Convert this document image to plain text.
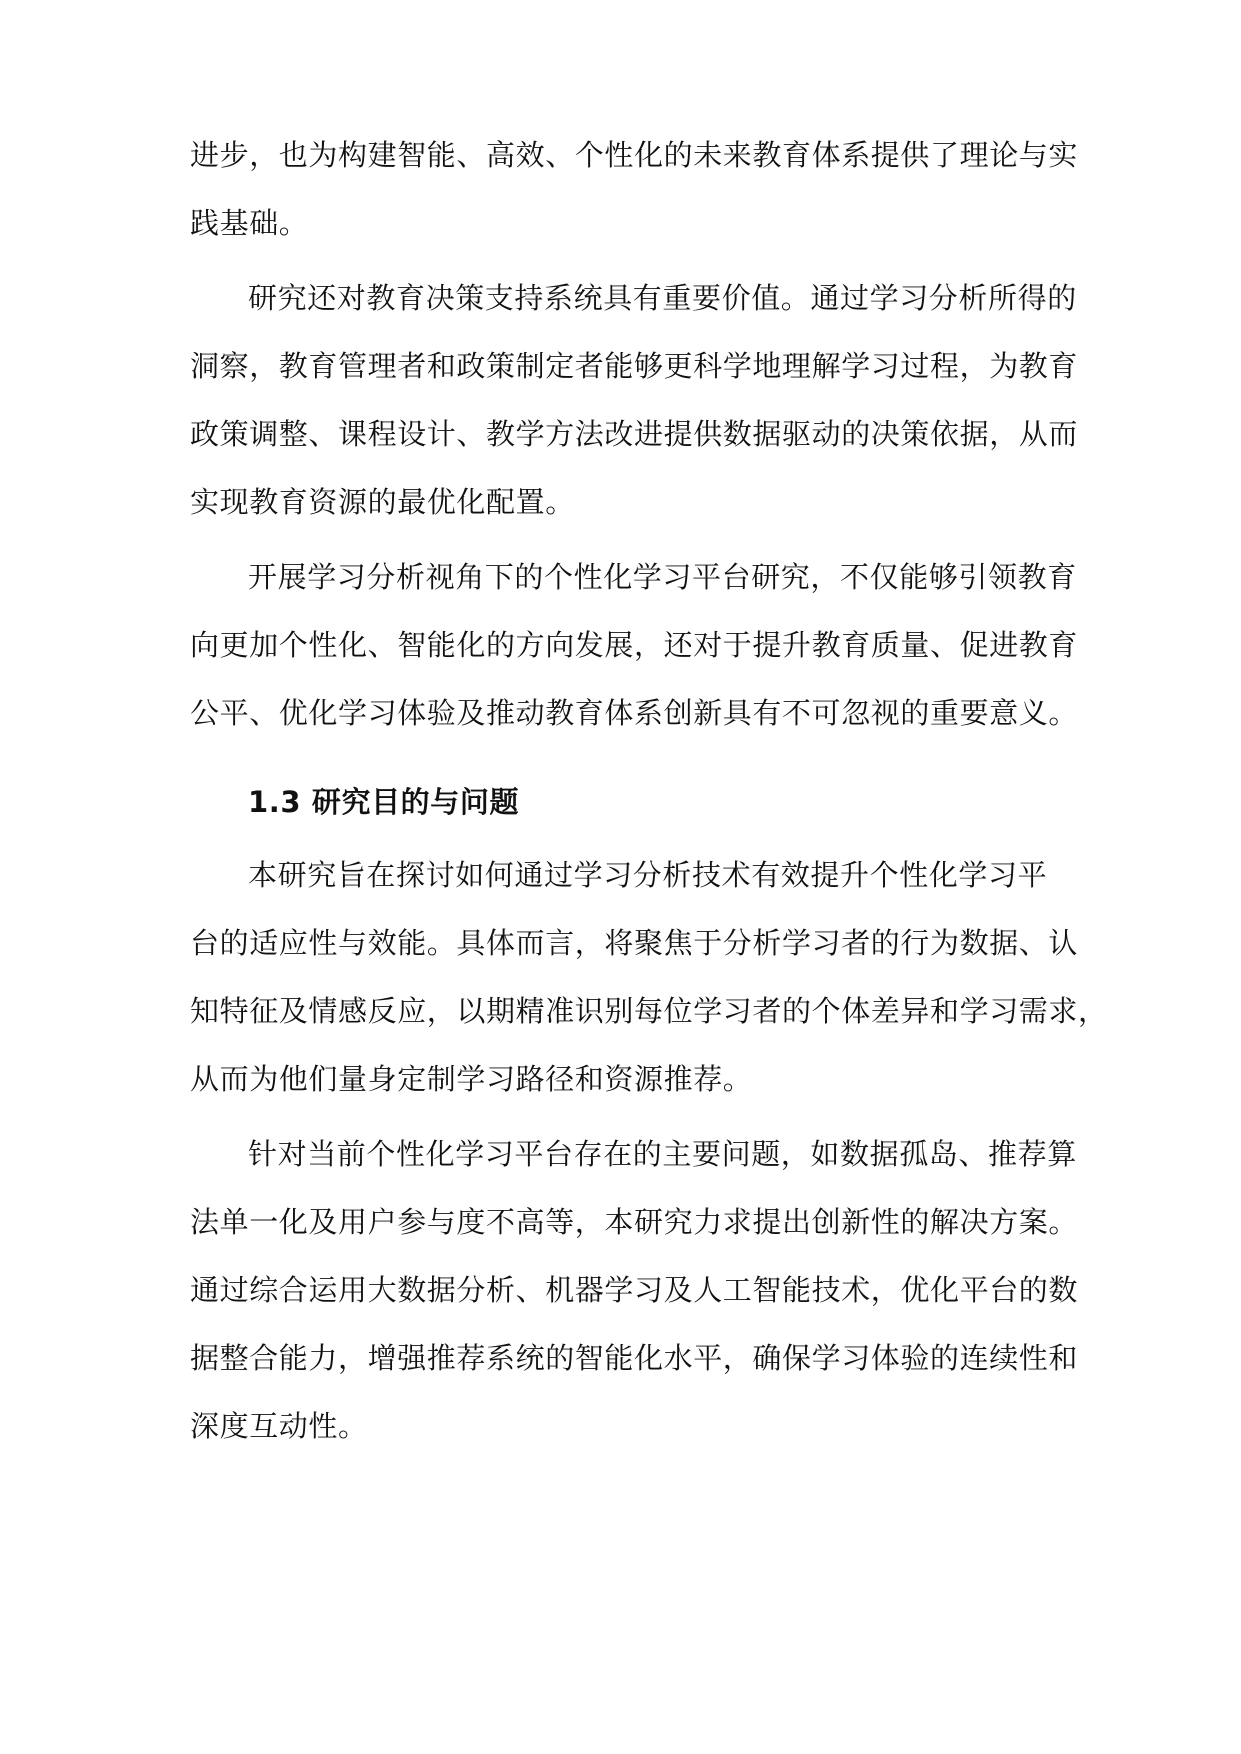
进步，也为构建智能、高效、个性化的未来教育体系提供了理论与实
践基础。
研究还对教育决策支持系统具有重要价值。通过学习分析所得的
洞察，教育管理者和政策制定者能够更科学地理解学习过程，为教育
政策调整、课程设计、教学方法改进提供数据驱动的决策依据，从而
实现教育资源的最优化配置。
开展学习分析视角下的个性化学习平台研究，不仅能够引领教育
向更加个性化、智能化的方向发展，还对于提升教育质量、促进教育
公平、优化学习体验及推动教育体系创新具有不可忽视的重要意义。
1.3 研究目的与问题
本研究旨在探讨如何通过学习分析技术有效提升个性化学习平
台的适应性与效能。具体而言，将聚焦于分析学习者的行为数据、认
知特征及情感反应，以期精准识别每位学习者的个体差异和学习需求，
从而为他们量身定制学习路径和资源推荐。
针对当前个性化学习平台存在的主要问题，如数据孤岛、推荐算
法单一化及用户参与度不高等，本研究力求提出创新性的解决方案。
通过综合运用大数据分析、机器学习及人工智能技术，优化平台的数
据整合能力，增强推荐系统的智能化水平，确保学习体验的连续性和
深度互动性。
